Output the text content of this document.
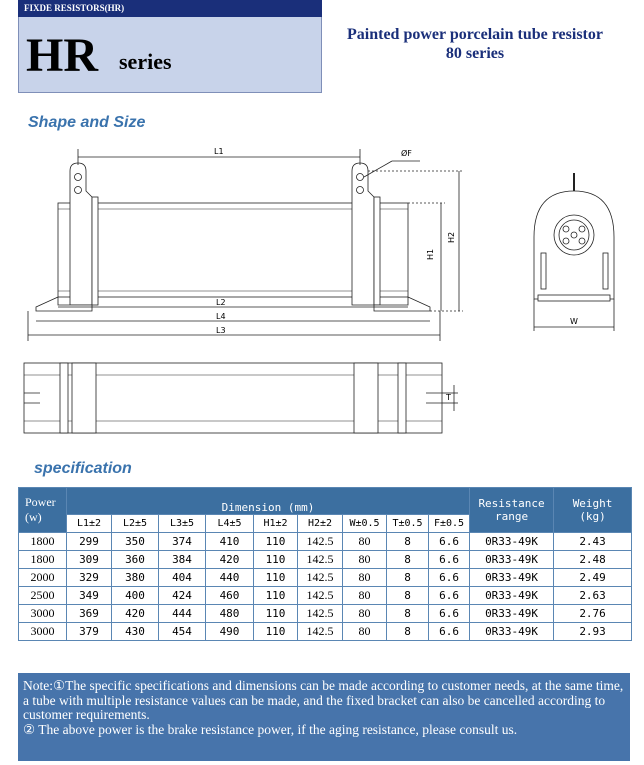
FIXDE RESISTORS(HR)
HR series
Painted power porcelain tube resistor
80 series
Shape and Size
L1	ØF
H1
H2
L2
L4
L3
W
T
specification
Power
(w)	Dimension (mm)									Resistance range	Weight
(kg)
	L1±2	L2±5	L3±5	L4±5	H1±2	H2±2	W±0.5	T±0.5	F±0.5		
1800	299	350	374	410	110	142.5	80	8	6.6	0R33-49K	2.43
1800	309	360	384	420	110	142.5	80	8	6.6	0R33-49K	2.48
2000	329	380	404	440	110	142.5	80	8	6.6	0R33-49K	2.49
2500	349	400	424	460	110	142.5	80	8	6.6	0R33-49K	2.63
3000	369	420	444	480	110	142.5	80	8	6.6	0R33-49K	2.76
3000	379	430	454	490	110	142.5	80	8	6.6	0R33-49K	2.93
Note:①The specific specifications and dimensions can be made according to customer needs, at the same time, a tube with multiple resistance values can be made, and the fixed bracket can also be cancelled according to customer requirements.
② The above power is the brake resistance power, if the aging resistance, please consult us.
